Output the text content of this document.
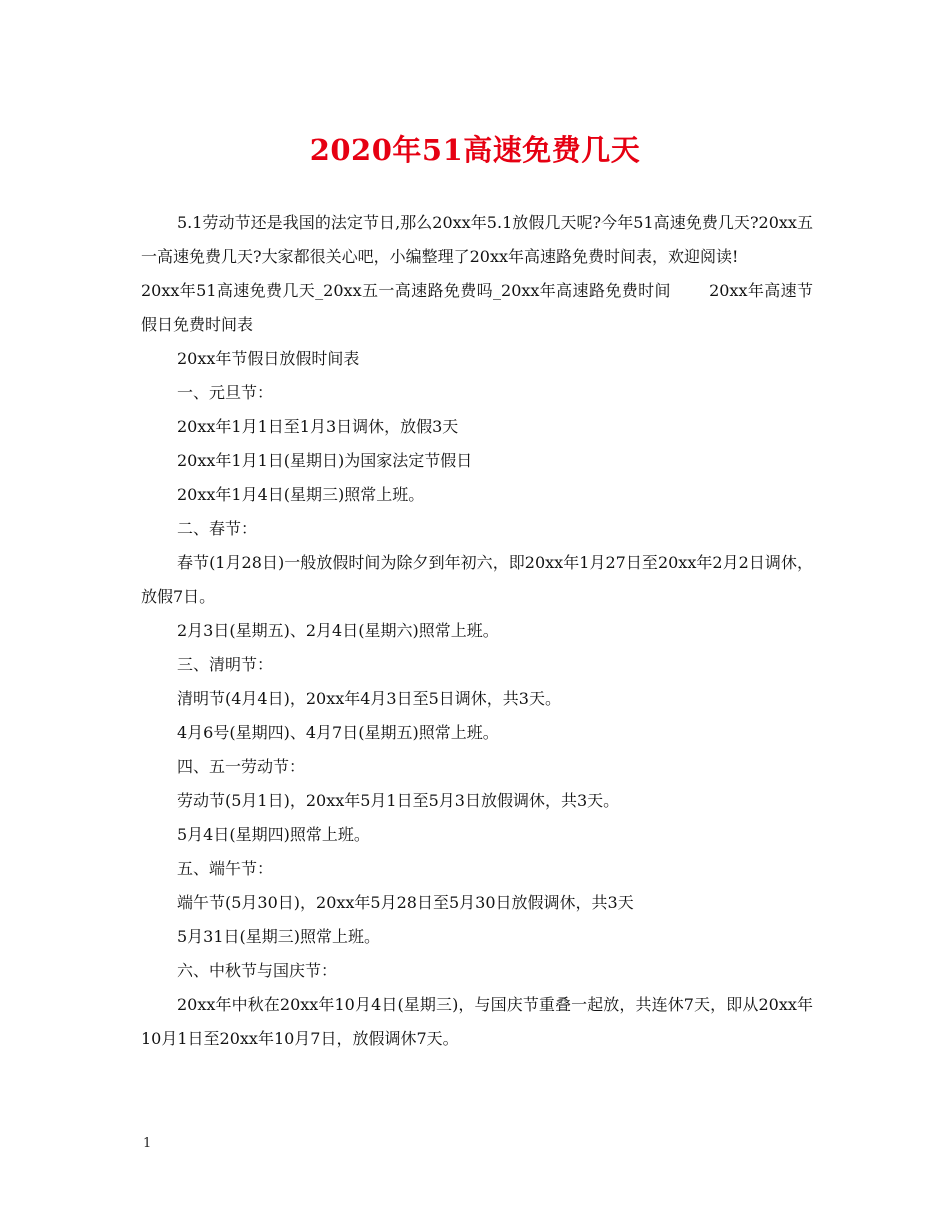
2020年51高速免费几天

5.1劳动节还是我国的法定节日,那么20xx年5.1放假几天呢?今年51高速免费几天?20xx五一高速免费几天?大家都很关心吧，小编整理了20xx年高速路免费时间表，欢迎阅读!

20xx年51高速免费几天_20xx五一高速路免费吗_20xx年高速路免费时间　　 20xx年高速节假日免费时间表

20xx年节假日放假时间表

一、元旦节：

20xx年1月1日至1月3日调休，放假3天

20xx年1月1日(星期日)为国家法定节假日

20xx年1月4日(星期三)照常上班。

二、春节：

春节(1月28日)一般放假时间为除夕到年初六，即20xx年1月27日至20xx年2月2日调休，放假7日。

2月3日(星期五)、2月4日(星期六)照常上班。

三、清明节：

清明节(4月4日)，20xx年4月3日至5日调休，共3天。

4月6号(星期四)、4月7日(星期五)照常上班。

四、五一劳动节：

劳动节(5月1日)，20xx年5月1日至5月3日放假调休，共3天。

5月4日(星期四)照常上班。

五、端午节：

端午节(5月30日)，20xx年5月28日至5月30日放假调休，共3天

5月31日(星期三)照常上班。

六、中秋节与国庆节：

20xx年中秋在20xx年10月4日(星期三)，与国庆节重叠一起放，共连休7天，即从20xx年10月1日至20xx年10月7日，放假调休7天。

1
